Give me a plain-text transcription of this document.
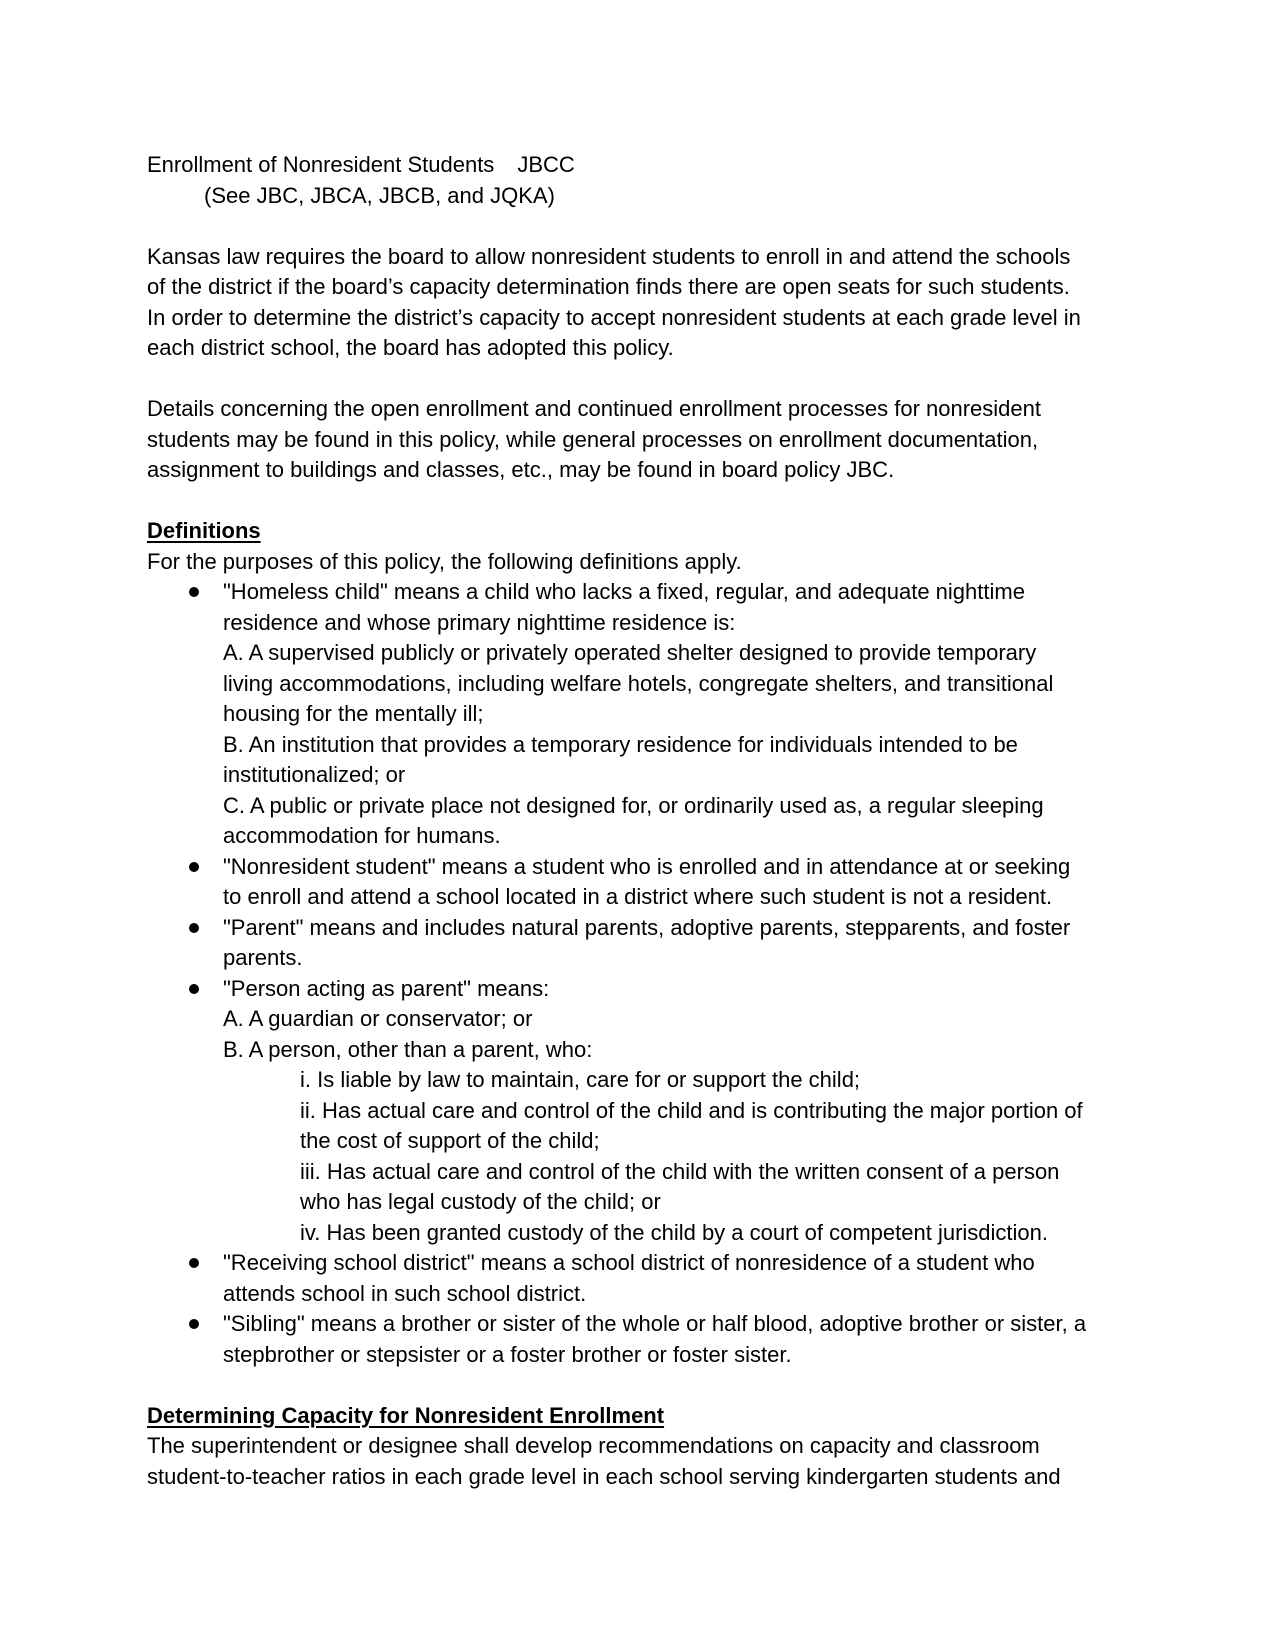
Enrollment of Nonresident Students JBCC
(See JBC, JBCA, JBCB, and JQKA)
Kansas law requires the board to allow nonresident students to enroll in and attend the schools
of the district if the board’s capacity determination finds there are open seats for such students.
In order to determine the district’s capacity to accept nonresident students at each grade level in
each district school, the board has adopted this policy.
Details concerning the open enrollment and continued enrollment processes for nonresident
students may be found in this policy, while general processes on enrollment documentation,
assignment to buildings and classes, etc., may be found in board policy JBC.
Definitions
For the purposes of this policy, the following definitions apply.
"Homeless child" means a child who lacks a fixed, regular, and adequate nighttime
residence and whose primary nighttime residence is:
A. A supervised publicly or privately operated shelter designed to provide temporary
living accommodations, including welfare hotels, congregate shelters, and transitional
housing for the mentally ill;
B. An institution that provides a temporary residence for individuals intended to be
institutionalized; or
C. A public or private place not designed for, or ordinarily used as, a regular sleeping
accommodation for humans.
"Nonresident student" means a student who is enrolled and in attendance at or seeking
to enroll and attend a school located in a district where such student is not a resident.
"Parent" means and includes natural parents, adoptive parents, stepparents, and foster
parents.
"Person acting as parent" means:
A. A guardian or conservator; or
B. A person, other than a parent, who:
i. Is liable by law to maintain, care for or support the child;
ii. Has actual care and control of the child and is contributing the major portion of
the cost of support of the child;
iii. Has actual care and control of the child with the written consent of a person
who has legal custody of the child; or
iv. Has been granted custody of the child by a court of competent jurisdiction.
"Receiving school district" means a school district of nonresidence of a student who
attends school in such school district.
"Sibling" means a brother or sister of the whole or half blood, adoptive brother or sister, a
stepbrother or stepsister or a foster brother or foster sister.
Determining Capacity for Nonresident Enrollment
The superintendent or designee shall develop recommendations on capacity and classroom
student-to-teacher ratios in each grade level in each school serving kindergarten students and
